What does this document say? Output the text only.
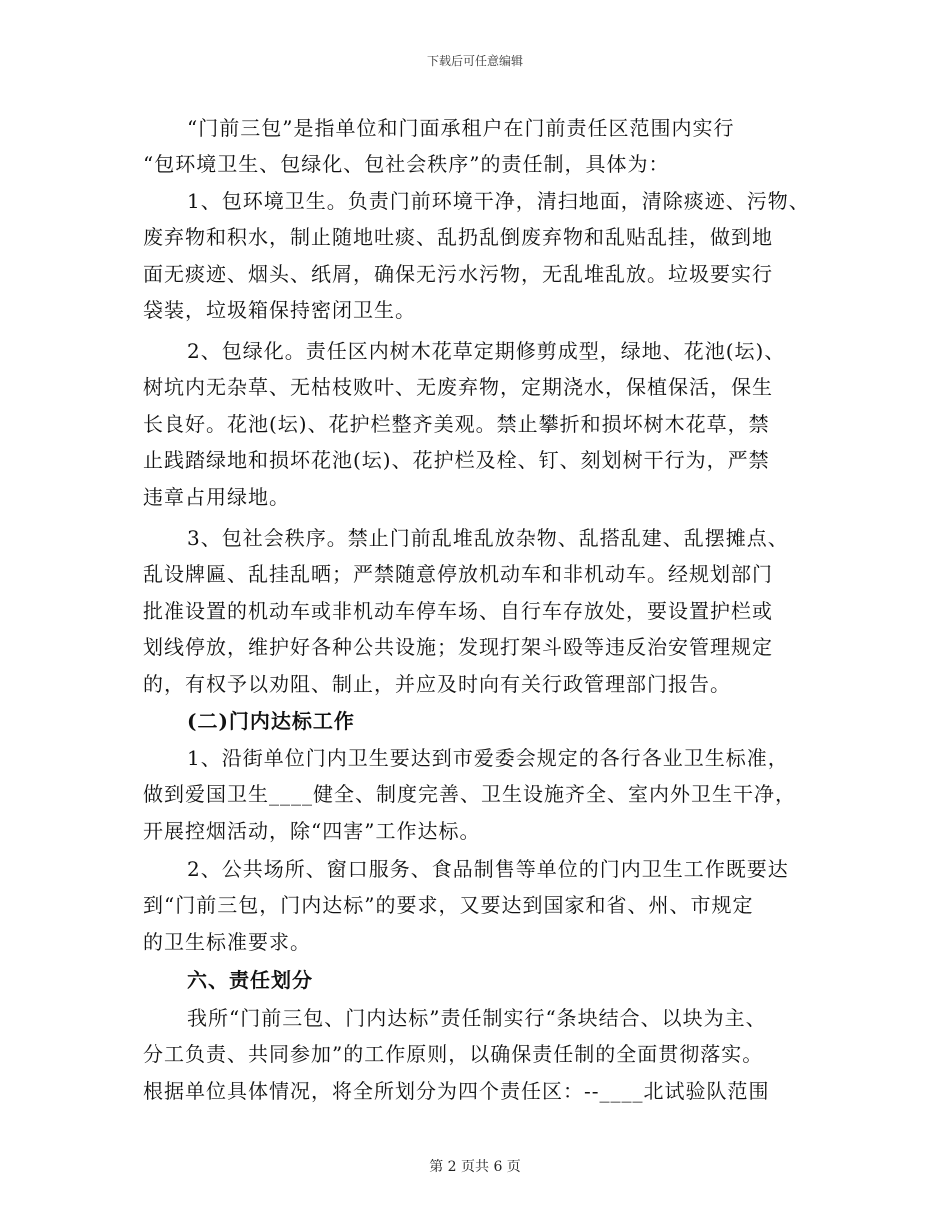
下载后可任意编辑
“门前三包”是指单位和门面承租户在门前责任区范围内实行
“包环境卫生、包绿化、包社会秩序”的责任制，具体为：
1、包环境卫生。负责门前环境干净，清扫地面，清除痰迹、污物、
废弃物和积水，制止随地吐痰、乱扔乱倒废弃物和乱贴乱挂，做到地
面无痰迹、烟头、纸屑，确保无污水污物，无乱堆乱放。垃圾要实行
袋装，垃圾箱保持密闭卫生。
2、包绿化。责任区内树木花草定期修剪成型，绿地、花池(坛)、
树坑内无杂草、无枯枝败叶、无废弃物，定期浇水，保植保活，保生
长良好。花池(坛)、花护栏整齐美观。禁止攀折和损坏树木花草，禁
止践踏绿地和损坏花池(坛)、花护栏及栓、钉、刻划树干行为，严禁
违章占用绿地。
3、包社会秩序。禁止门前乱堆乱放杂物、乱搭乱建、乱摆摊点、
乱设牌匾、乱挂乱晒；严禁随意停放机动车和非机动车。经规划部门
批准设置的机动车或非机动车停车场、自行车存放处，要设置护栏或
划线停放，维护好各种公共设施；发现打架斗殴等违反治安管理规定
的，有权予以劝阻、制止，并应及时向有关行政管理部门报告。
(二)门内达标工作
1、沿街单位门内卫生要达到市爱委会规定的各行各业卫生标准，
做到爱国卫生____健全、制度完善、卫生设施齐全、室内外卫生干净，
开展控烟活动，除“四害”工作达标。
2、公共场所、窗口服务、食品制售等单位的门内卫生工作既要达
到“门前三包，门内达标”的要求，又要达到国家和省、州、市规定
的卫生标准要求。
六、责任划分
我所“门前三包、门内达标”责任制实行“条块结合、以块为主、
分工负责、共同参加”的工作原则，以确保责任制的全面贯彻落实。
根据单位具体情况，将全所划分为四个责任区：--____北试验队范围
第 2 页共 6 页
